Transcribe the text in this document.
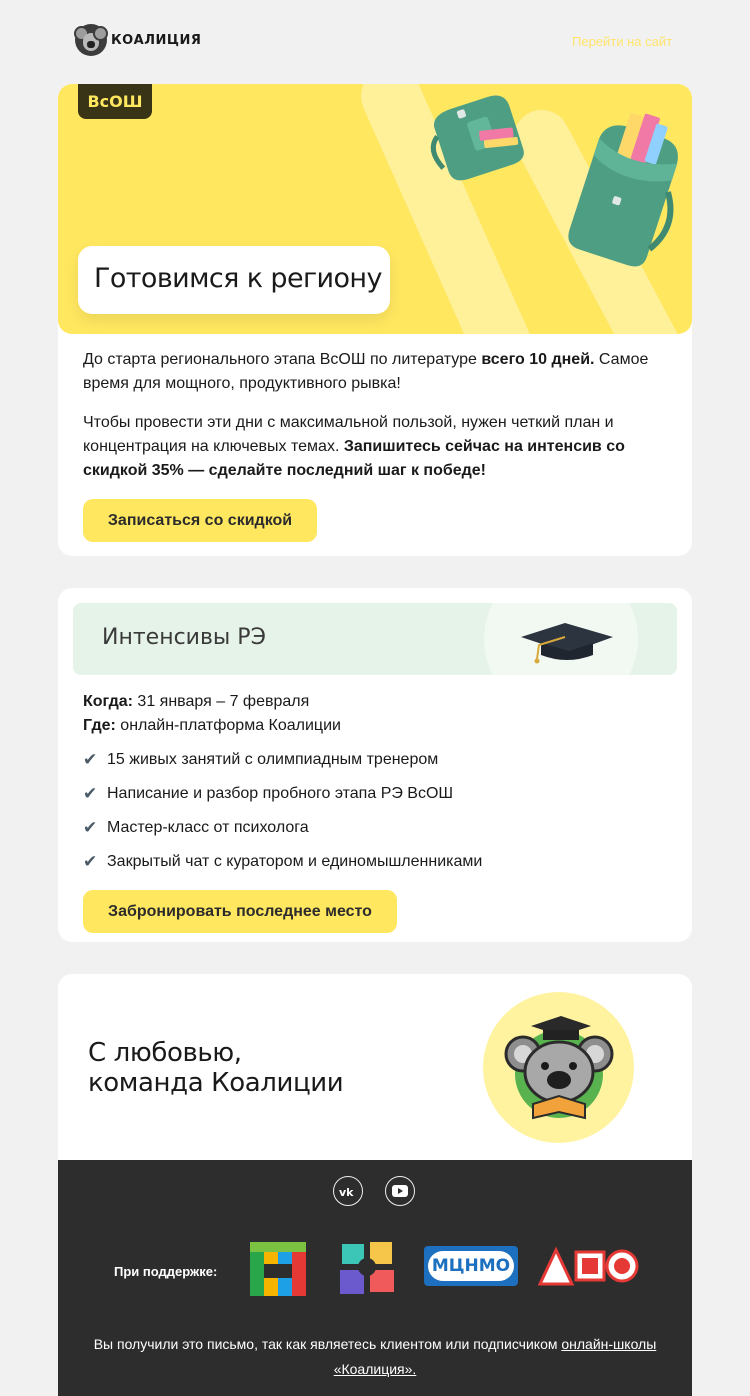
КОАЛИЦИЯ	Перейти на сайт
ВсОШ
Готовимся к региону
До старта регионального этапа ВсОШ по литературе всего 10 дней. Самое время для мощного, продуктивного рывка!
Чтобы провести эти дни с максимальной пользой, нужен четкий план и концентрация на ключевых темах. Запишитесь сейчас на интенсив со скидкой 35% — сделайте последний шаг к победе!
Записаться со скидкой
Интенсивы РЭ
Когда: 31 января – 7 февраля
Где: онлайн-платформа Коалиции
✔ 15 живых занятий с олимпиадным тренером
✔ Написание и разбор пробного этапа РЭ ВсОШ
✔ Мастер-класс от психолога
✔ Закрытый чат с куратором и единомышленниками
Забронировать последнее место
С любовью,
команда Коалиции
vk
При поддержке:	МЦНМО
Вы получили это письмо, так как являетесь клиентом или подписчиком онлайн-школы «Коалиция».
